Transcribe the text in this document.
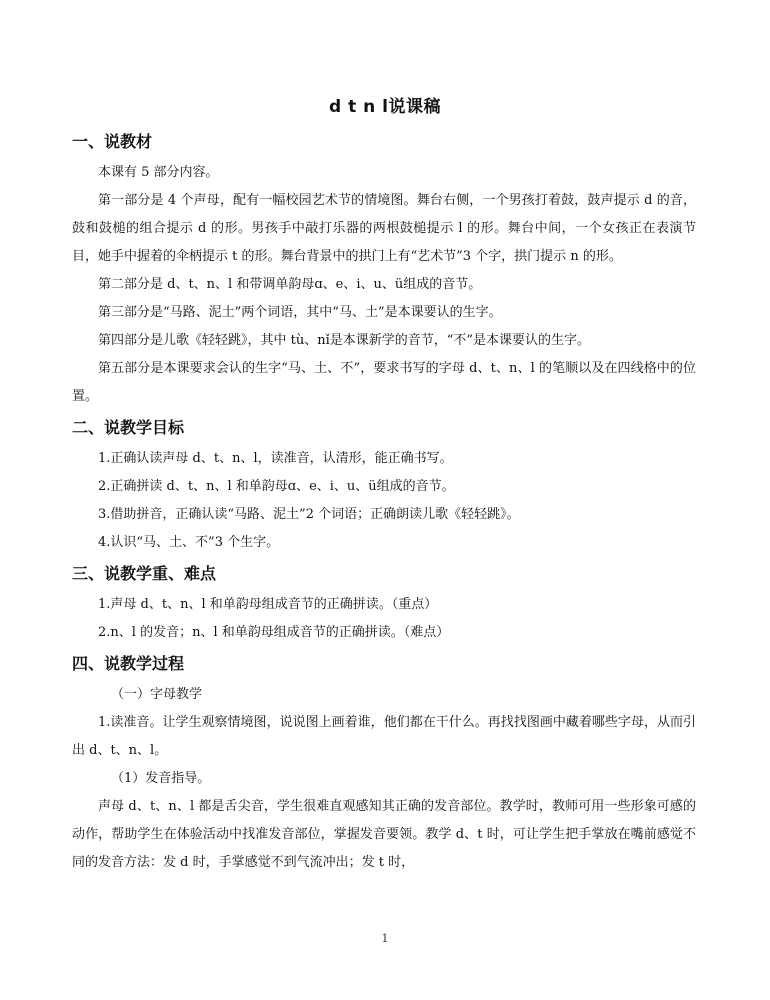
d t n l说课稿
一、说教材

本课有 5 部分内容。

第一部分是 4 个声母，配有一幅校园艺术节的情境图。舞台右侧，一个男孩打着鼓，鼓声提示 d 的音，鼓和鼓槌的组合提示 d 的形。男孩手中敲打乐器的两根鼓槌提示 l 的形。舞台中间，一个女孩正在表演节目，她手中握着的伞柄提示 t 的形。舞台背景中的拱门上有“艺术节”3 个字，拱门提示 n 的形。

第二部分是 d、t、n、l 和带调单韵母ɑ、e、i、u、ü组成的音节。

第三部分是“马路、泥土”两个词语，其中“马、土”是本课要认的生字。

第四部分是儿歌《轻轻跳》，其中 tù、nǐ是本课新学的音节，“不”是本课要认的生字。

第五部分是本课要求会认的生字“马、土、不”，要求书写的字母 d、t、n、l 的笔顺以及在四线格中的位置。

二、说教学目标

1.正确认读声母 d、t、n、l，读准音，认清形，能正确书写。

2.正确拼读 d、t、n、l 和单韵母ɑ、e、i、u、ü组成的音节。

3.借助拼音，正确认读“马路、泥土”2 个词语；正确朗读儿歌《轻轻跳》。

4.认识“马、土、不”3 个生字。

三、说教学重、难点

1.声母 d、t、n、l 和单韵母组成音节的正确拼读。（重点）

2.n、l 的发音；n、l 和单韵母组成音节的正确拼读。（难点）

四、说教学过程

（一）字母教学

1.读准音。让学生观察情境图，说说图上画着谁，他们都在干什么。再找找图画中藏着哪些字母，从而引出 d、t、n、l。

（1）发音指导。

声母 d、t、n、l 都是舌尖音，学生很难直观感知其正确的发音部位。教学时，教师可用一些形象可感的动作，帮助学生在体验活动中找准发音部位，掌握发音要领。教学 d、t 时，可让学生把手掌放在嘴前感觉不同的发音方法：发 d 时，手掌感觉不到气流冲出；发 t 时，

1
